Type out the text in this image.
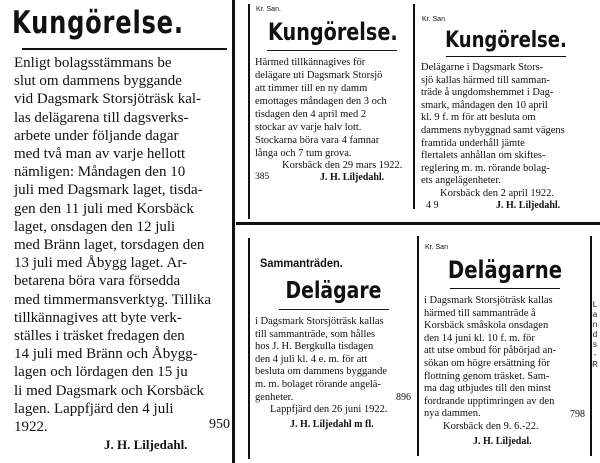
Kungörelse.
Enligt bolagsstämmans be
slut om dammens byggande
vid Dagsmark Storsjöträsk kal-
las delägarena till dagsverks-
arbete under följande dagar
med två man av varje hellott
nämligen: Måndagen den 10
juli med Dagsmark laget, tisda-
gen den 11 juli med Korsbäck
laget, onsdagen den 12 juli
med Bränn laget, torsdagen den
13 juli med Åbygg laget. Ar-
betarena böra vara försedda
med timmermansverktyg. Tillika
tillkännagives att byte verk-
ställes i träsket fredagen den
14 juli med Bränn och Åbygg-
lagen och lördagen den 15 ju
li med Dagsmark och Korsbäck
lagen. Lappfjärd den 4 juli
1922.	950
J. H. Liljedahl.
Kr. San.
Kungörelse.
Härmed tillkännagives för
delägare uti Dagsmark Storsjö
att timmer till en ny damm
emottages måndagen den 3 och
tisdagen den 4 april med 2
stockar av varje halv lott.
Stockarna böra vara 4 famnar
långa och 7 tum grova.
Korsbäck den 29 mars 1922.
385	J. H. Liljedahl.
Kr. San
Kungörelse.
Delägarne i Dagsmark Stors-
sjö kallas härmed till samman-
träde å ungdomshemmet i Dag-
smark, måndagen den 10 april
kl. 9 f. m för att besluta om
dammens nybyggnad samt vägens
framtida underhåll jämte
flertalets anhållan om skiftes-
reglering m. m. rörande bolag-
ets angelägenheter.
Korsbäck den 2 april 1922.
4 9	J. H. Liljedahl.
Sammanträden.
Delägare
i Dagsmark Storsjöträsk kallas
till sammanträde, som hålles
hos J. H. Bergkulla tisdagen
den 4 juli kl. 4 e. m. för att
besluta om dammens byggande
m. m. bolaget rörande angelä-
genheter.	896
Lappfjärd den 26 juni 1922.
J. H. Liljedahl m fl.
Kr. San
Delägarne
i Dagsmark Storsjöträsk kallas
härmed till sammanträde å
Korsbäck småskola onsdagen
den 14 juni kl. 10 f. m. för
att utse ombud för påbörjad an-
sökan om högre ersättning för
flottning genom träsket. Sam-
ma dag utbjudes till den minst
fordrande upptimringen av den
nya dammen.	798
Korsbäck den 9. 6.-22.
J. H. Liljedal.
L
a
n
d
s
-
R
